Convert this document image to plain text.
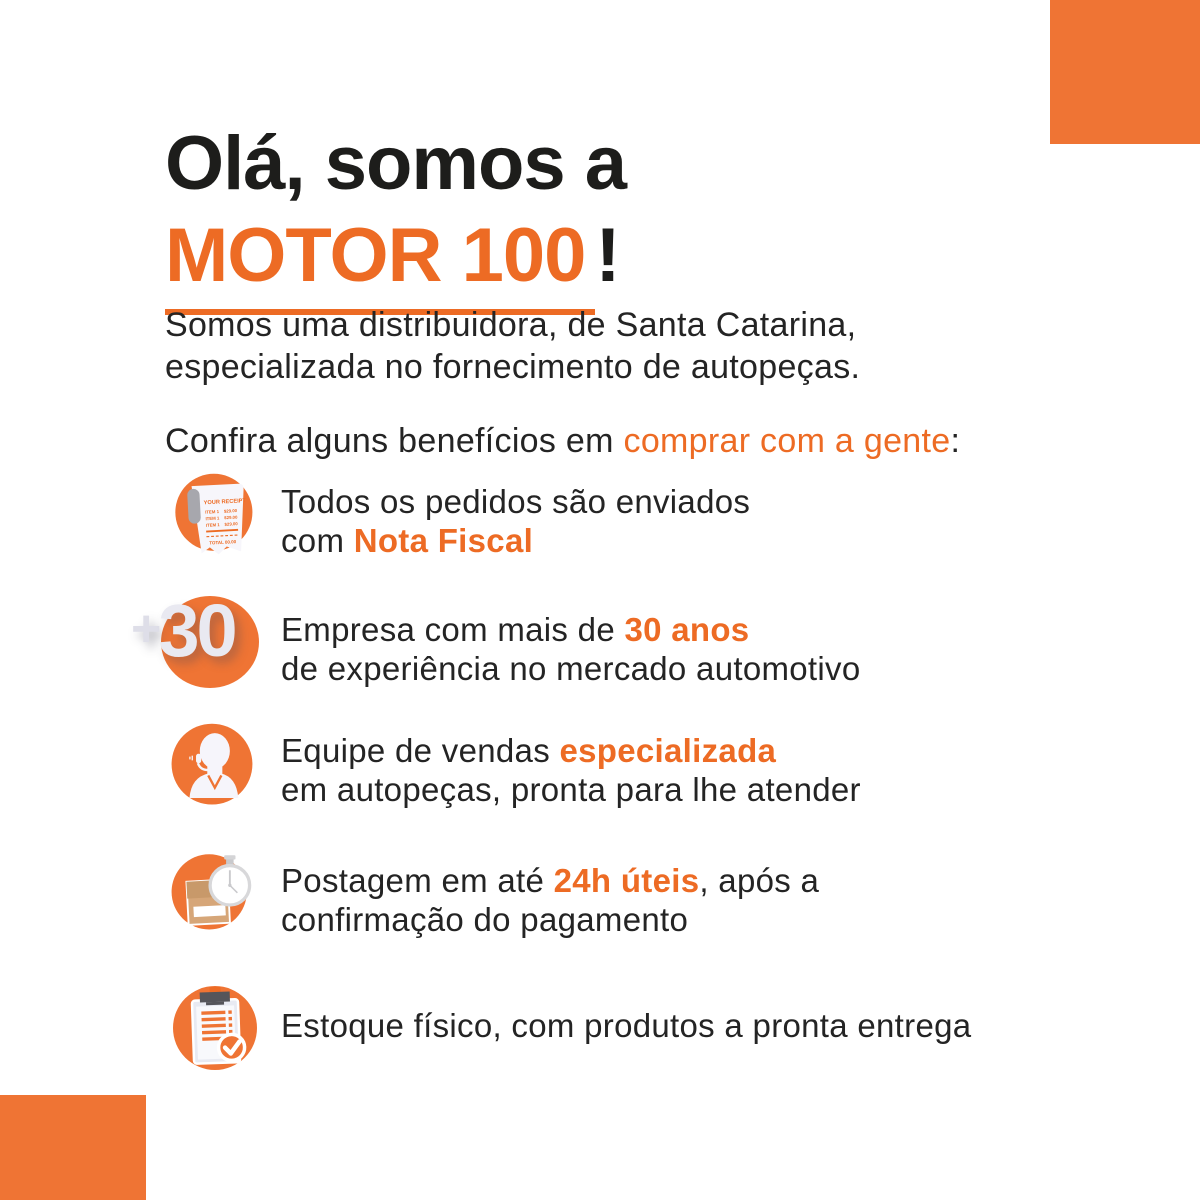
Olá, somos a
MOTOR 100 !

Somos uma distribuidora, de Santa Catarina,
especializada no fornecimento de autopeças.

Confira alguns benefícios em comprar com a gente:

YOUR RECEIPT
ITEM 1 $29.00
ITEM 1 $29.00
ITEM 1 $29.00
TOTAL 00.00
Todos os pedidos são enviados
com Nota Fiscal
+30 Empresa com mais de 30 anos
de experiência no mercado automotivo
Equipe de vendas especializada
em autopeças, pronta para lhe atender
Postagem em até 24h úteis, após a
confirmação do pagamento
Estoque físico, com produtos a pronta entrega
